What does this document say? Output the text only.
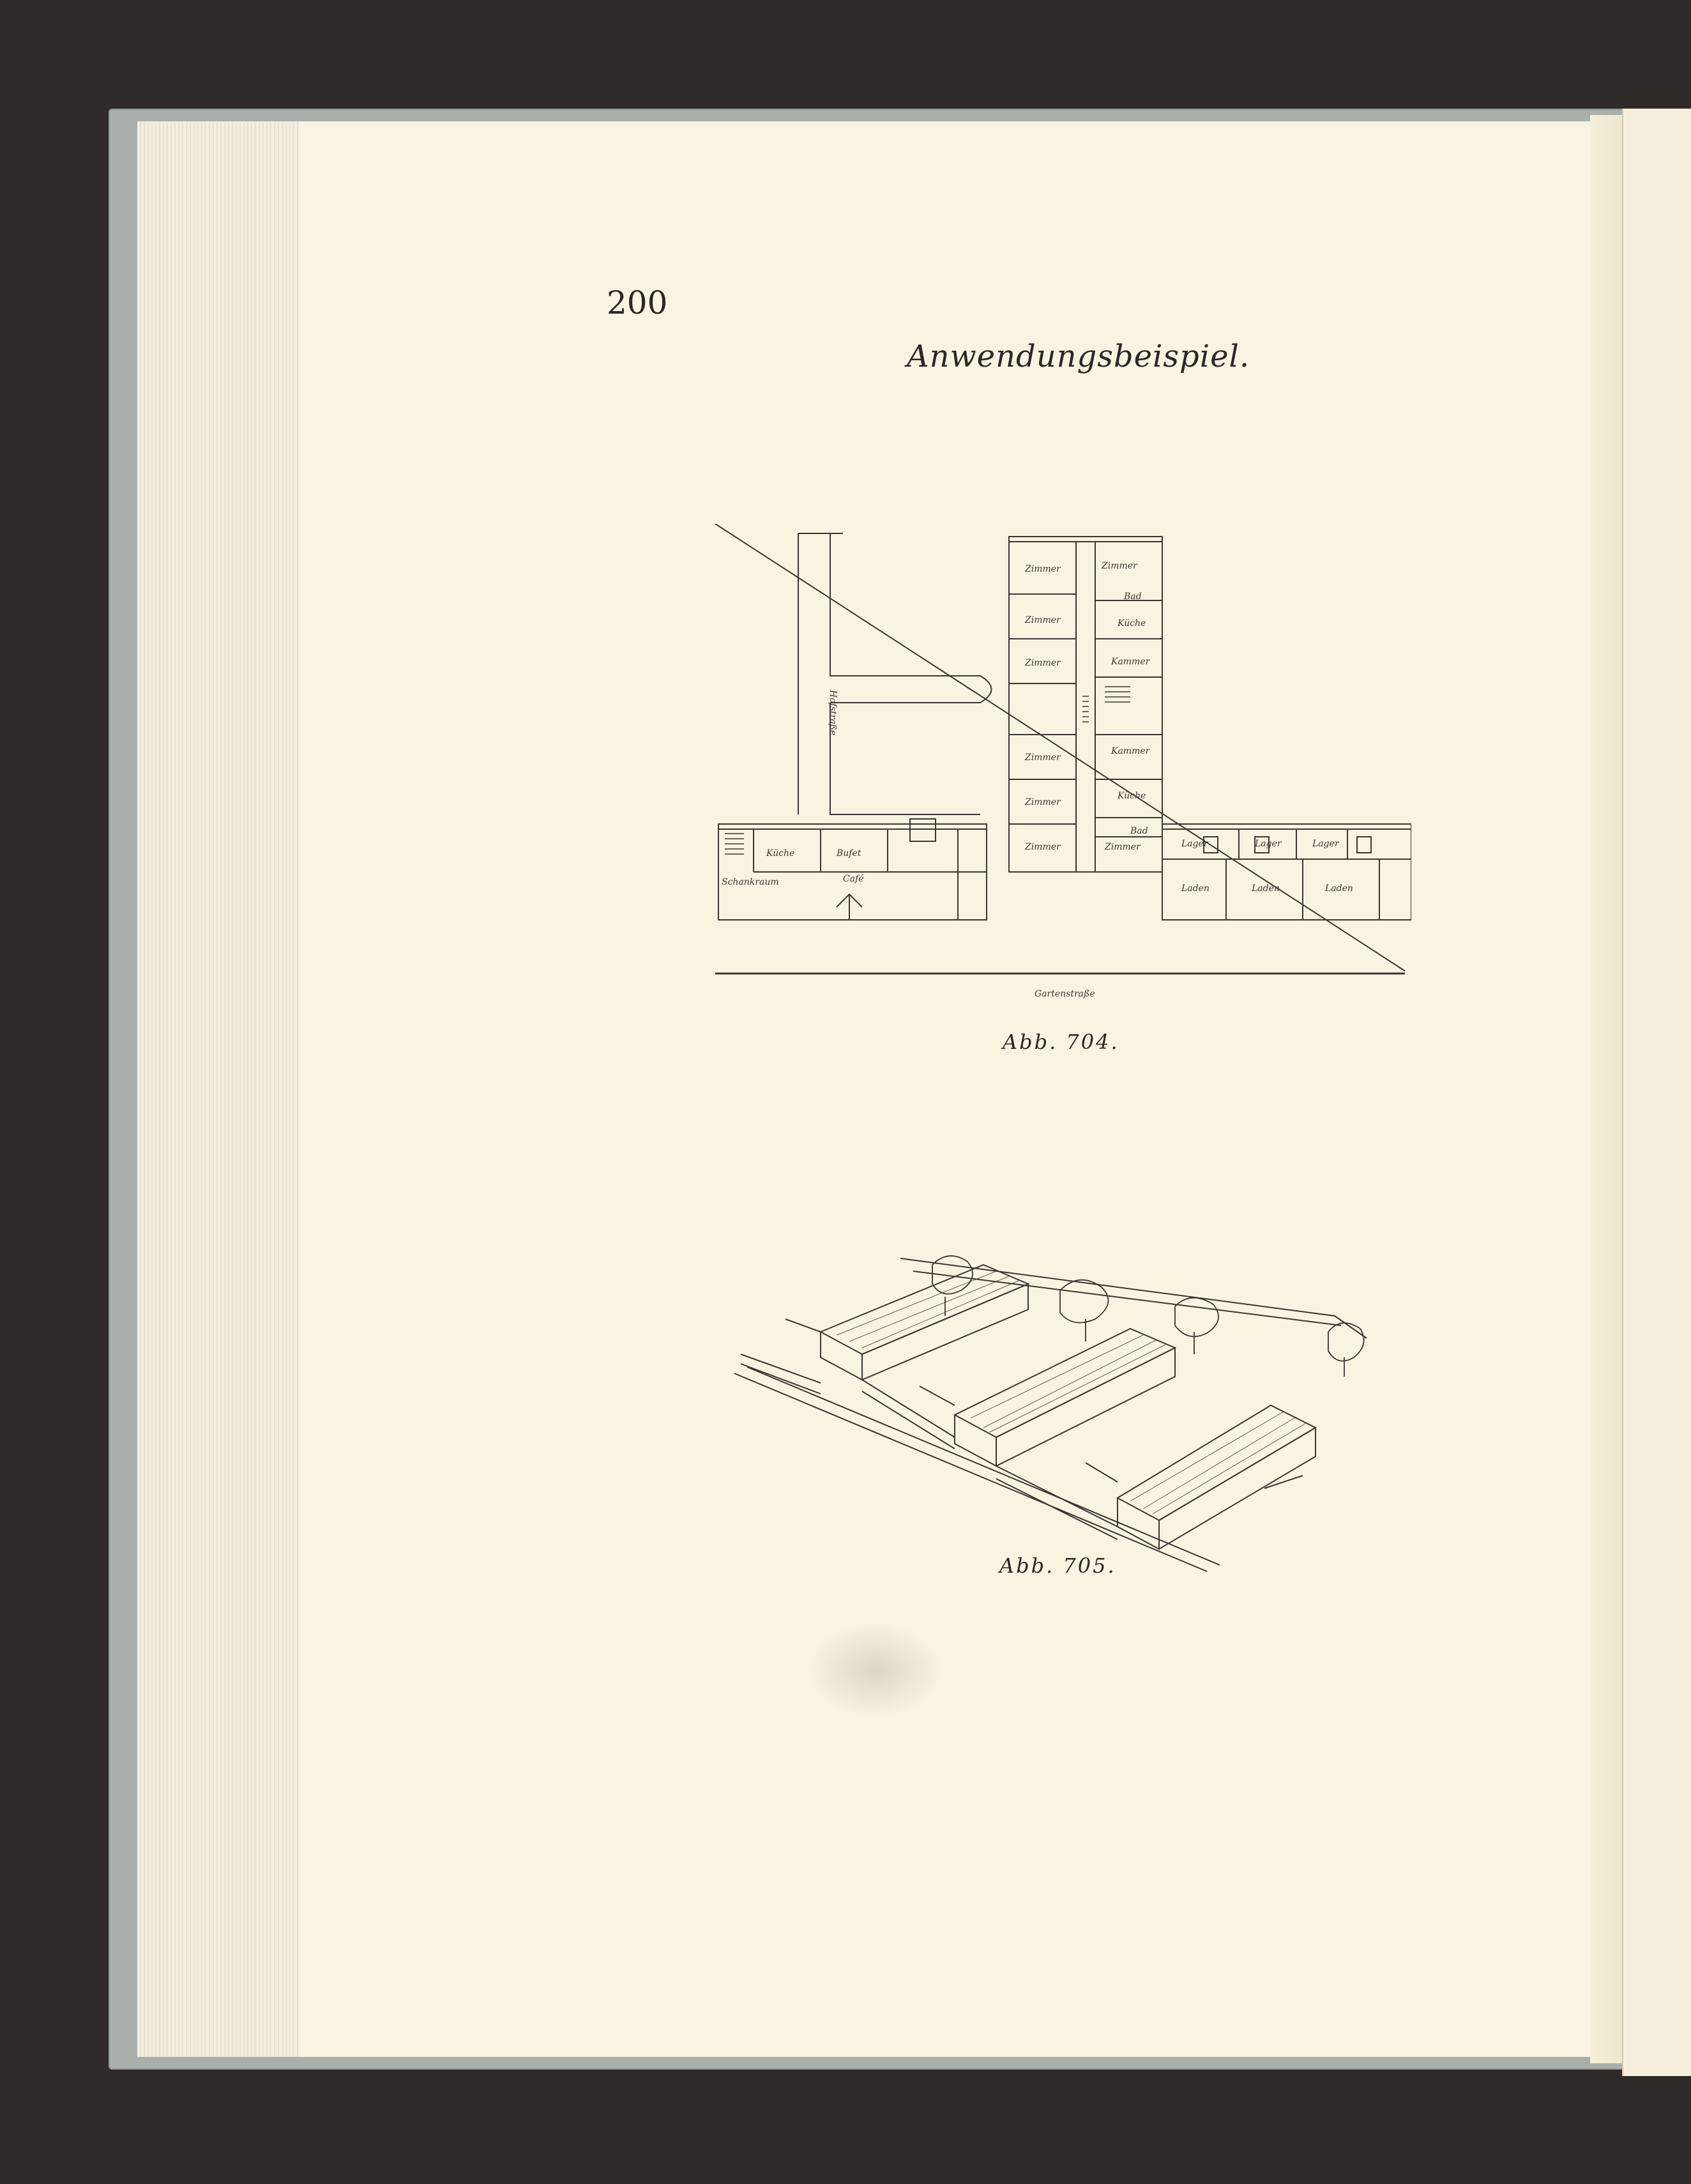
200

Anwendungsbeispiel.

Zimmer	Zimmer
Bad
Zimmer	Küche
Zimmer	Kammer
Zimmer
Kammer
Zimmer
Küche
Bad
Zimmer	Zimmer
Küche	Bufet
Schankraum	Café
Lager	Lager	Lager
Laden	Laden	Laden
Gartenstraße
Hofstraße

Abb. 704.

Abb. 705.
